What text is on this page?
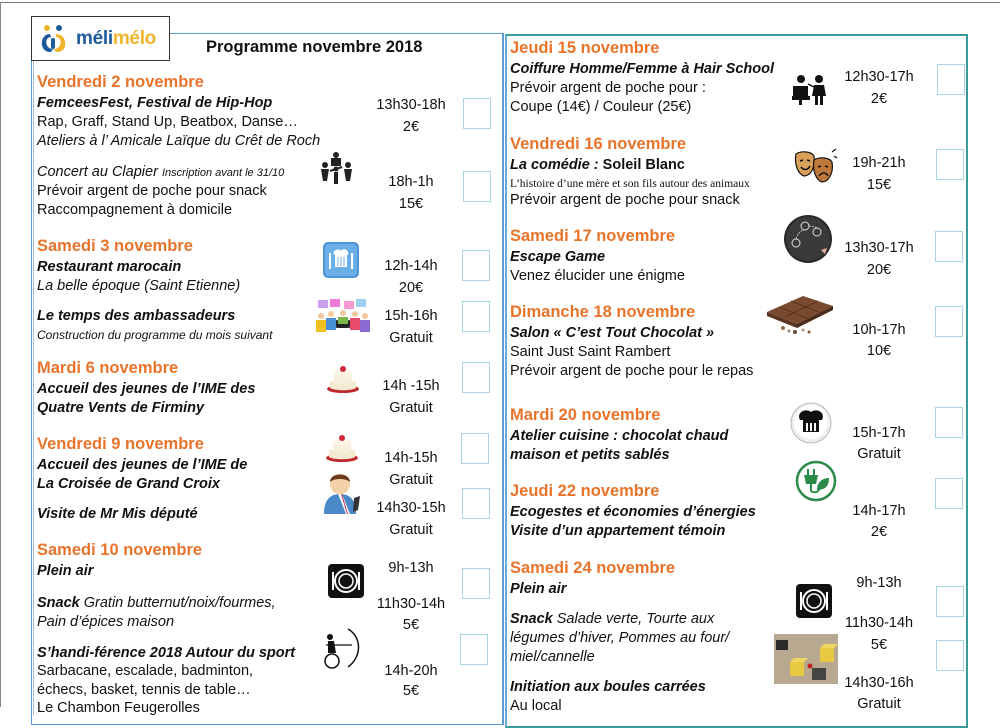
mélimélo	Programme novembre 2018
Vendredi 2 novembre
FemceesFest, Festival de Hip-Hop
Rap, Graff, Stand Up, Beatbox, Danse…
Ateliers à l’ Amicale Laïque du Crêt de Roch
13h30-18h
2€
Concert au Clapier Inscription avant le 31/10
Prévoir argent de poche pour snack
Raccompagnement à domicile
18h-1h
15€
Samedi 3 novembre
Restaurant marocain
La belle époque (Saint Etienne)
12h-14h
20€
Le temps des ambassadeurs
Construction du programme du mois suivant
15h-16h
Gratuit
Mardi 6 novembre
Accueil des jeunes de l’IME des
Quatre Vents de Firminy
14h -15h
Gratuit
Vendredi 9 novembre
Accueil des jeunes de l’IME de
La Croisée de Grand Croix
14h-15h
Gratuit
Visite de Mr Mis député	14h30-15h
Gratuit
Samedi 10 novembre
Plein air	9h-13h
Snack Gratin butternut/noix/fourmes,
Pain d’épices maison
11h30-14h
5€
S’handi-férence 2018 Autour du sport
Sarbacane, escalade, badminton,
échecs, basket, tennis de table…
Le Chambon Feugerolles
14h-20h
5€
Jeudi 15 novembre
Coiffure Homme/Femme à Hair School
Prévoir argent de poche pour :
Coupe (14€) / Couleur (25€)
12h30-17h
2€
Vendredi 16 novembre
La comédie : Soleil Blanc
L’histoire d’une mère et son fils autour des animaux
Prévoir argent de poche pour snack
19h-21h
15€
Samedi 17 novembre
Escape Game
Venez élucider une énigme
13h30-17h
20€
Dimanche 18 novembre
Salon « C’est Tout Chocolat »
Saint Just Saint Rambert
Prévoir argent de poche pour le repas
10h-17h
10€
Mardi 20 novembre
Atelier cuisine : chocolat chaud
maison et petits sablés
15h-17h
Gratuit
Jeudi 22 novembre
Ecogestes et économies d’énergies
Visite d’un appartement témoin
14h-17h
2€
Samedi 24 novembre
Plein air	9h-13h
Snack Salade verte, Tourte aux
légumes d’hiver, Pommes au four/
miel/cannelle
11h30-14h
5€
Initiation aux boules carrées
Au local
14h30-16h
Gratuit
